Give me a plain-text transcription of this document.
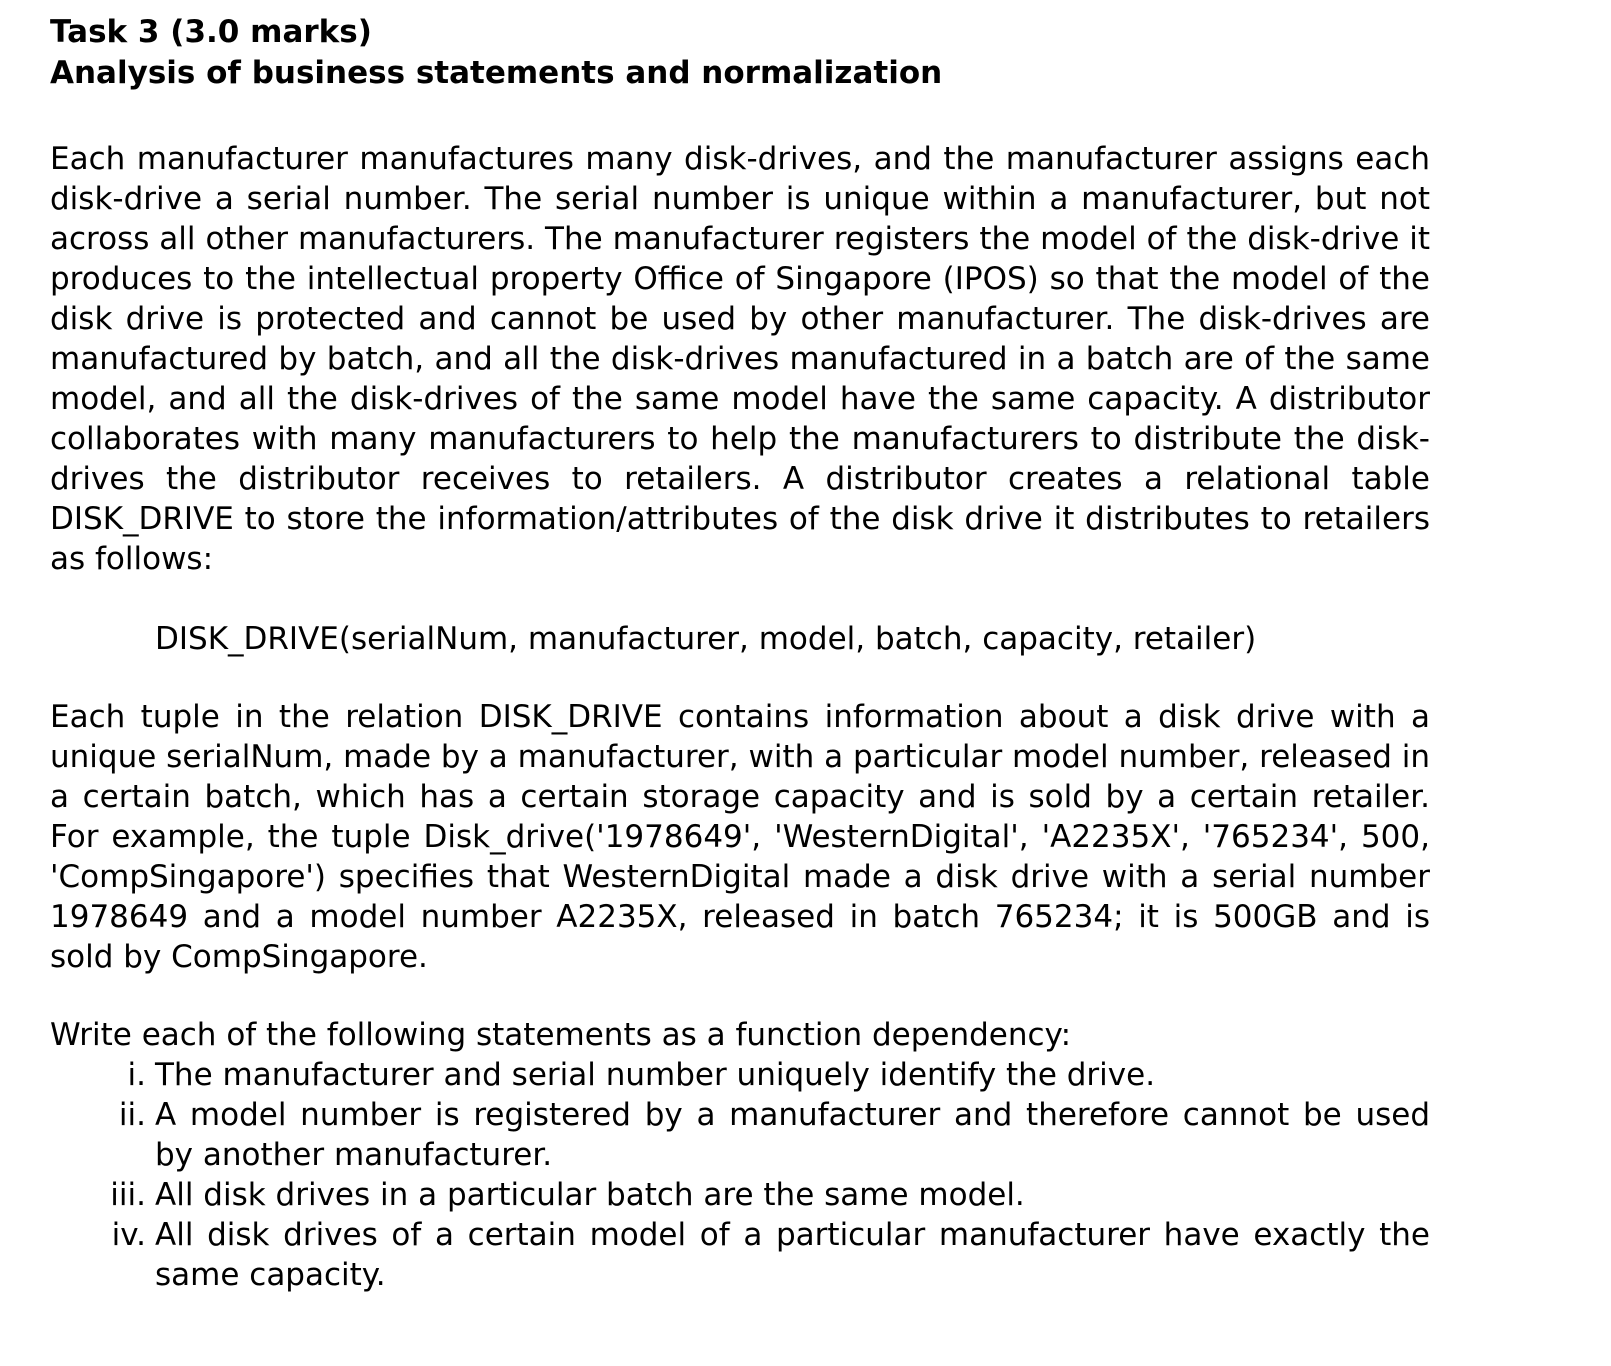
Task 3 (3.0 marks)
Analysis of business statements and normalization

Each manufacturer manufactures many disk-drives, and the manufacturer assigns each disk-drive a serial number. The serial number is unique within a manufacturer, but not across all other manufacturers. The manufacturer registers the model of the disk-drive it produces to the intellectual property Office of Singapore (IPOS) so that the model of the disk drive is protected and cannot be used by other manufacturer. The disk-drives are manufactured by batch, and all the disk-drives manufactured in a batch are of the same model, and all the disk-drives of the same model have the same capacity. A distributor collaborates with many manufacturers to help the manufacturers to distribute the disk-drives the distributor receives to retailers. A distributor creates a relational table DISK_DRIVE to store the information/attributes of the disk drive it distributes to retailers as follows:

DISK_DRIVE(serialNum, manufacturer, model, batch, capacity, retailer)

Each tuple in the relation DISK_DRIVE contains information about a disk drive with a unique serialNum, made by a manufacturer, with a particular model number, released in a certain batch, which has a certain storage capacity and is sold by a certain retailer. For example, the tuple Disk_drive('1978649', 'WesternDigital', 'A2235X', '765234', 500, 'CompSingapore') specifies that WesternDigital made a disk drive with a serial number 1978649 and a model number A2235X, released in batch 765234; it is 500GB and is sold by CompSingapore.

Write each of the following statements as a function dependency:

i. The manufacturer and serial number uniquely identify the drive.
ii. A model number is registered by a manufacturer and therefore cannot be used by another manufacturer.
iii. All disk drives in a particular batch are the same model.
iv. All disk drives of a certain model of a particular manufacturer have exactly the same capacity.
